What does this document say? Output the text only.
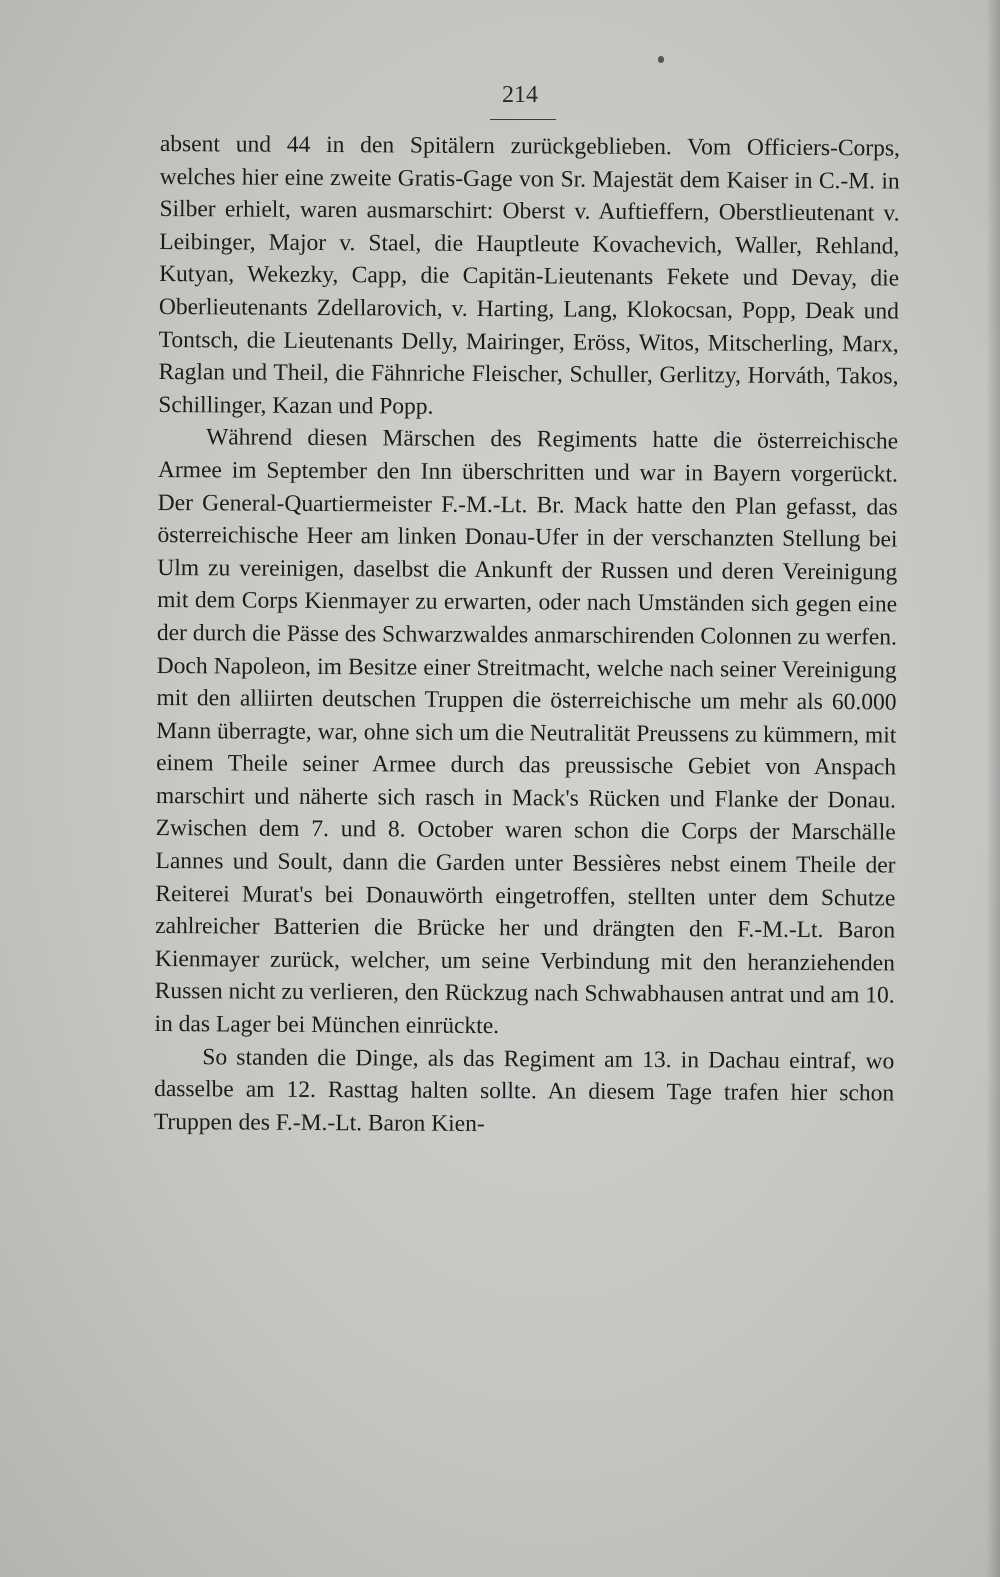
214

absent und 44 in den Spitälern zurückgeblieben. Vom Officiers-Corps, welches hier eine zweite Gratis-Gage von Sr. Majestät dem Kaiser in C.-M. in Silber erhielt, waren ausmarschirt: Oberst v. Auftieffern, Oberstlieutenant v. Leibinger, Major v. Stael, die Hauptleute Kovachevich, Waller, Rehland, Kutyan, Wekezky, Capp, die Capitän-Lieutenants Fekete und Devay, die Oberlieutenants Zdellarovich, v. Harting, Lang, Klokocsan, Popp, Deak und Tontsch, die Lieutenants Delly, Mairinger, Eröss, Witos, Mitscherling, Marx, Raglan und Theil, die Fähnriche Fleischer, Schuller, Gerlitzy, Horváth, Takos, Schillinger, Kazan und Popp.

Während diesen Märschen des Regiments hatte die österreichische Armee im September den Inn überschritten und war in Bayern vorgerückt. Der General-Quartiermeister F.-M.-Lt. Br. Mack hatte den Plan gefasst, das österreichische Heer am linken Donau-Ufer in der verschanzten Stellung bei Ulm zu vereinigen, daselbst die Ankunft der Russen und deren Vereinigung mit dem Corps Kienmayer zu erwarten, oder nach Umständen sich gegen eine der durch die Pässe des Schwarzwaldes anmarschirenden Colonnen zu werfen. Doch Napoleon, im Besitze einer Streitmacht, welche nach seiner Vereinigung mit den alliirten deutschen Truppen die österreichische um mehr als 60.000 Mann überragte, war, ohne sich um die Neutralität Preussens zu kümmern, mit einem Theile seiner Armee durch das preussische Gebiet von Anspach marschirt und näherte sich rasch in Mack's Rücken und Flanke der Donau. Zwischen dem 7. und 8. October waren schon die Corps der Marschälle Lannes und Soult, dann die Garden unter Bessières nebst einem Theile der Reiterei Murat's bei Donauwörth eingetroffen, stellten unter dem Schutze zahlreicher Batterien die Brücke her und drängten den F.-M.-Lt. Baron Kienmayer zurück, welcher, um seine Verbindung mit den heranziehenden Russen nicht zu verlieren, den Rückzug nach Schwabhausen antrat und am 10. in das Lager bei München einrückte.

So standen die Dinge, als das Regiment am 13. in Dachau eintraf, wo dasselbe am 12. Rasttag halten sollte. An diesem Tage trafen hier schon Truppen des F.-M.-Lt. Baron Kien-
